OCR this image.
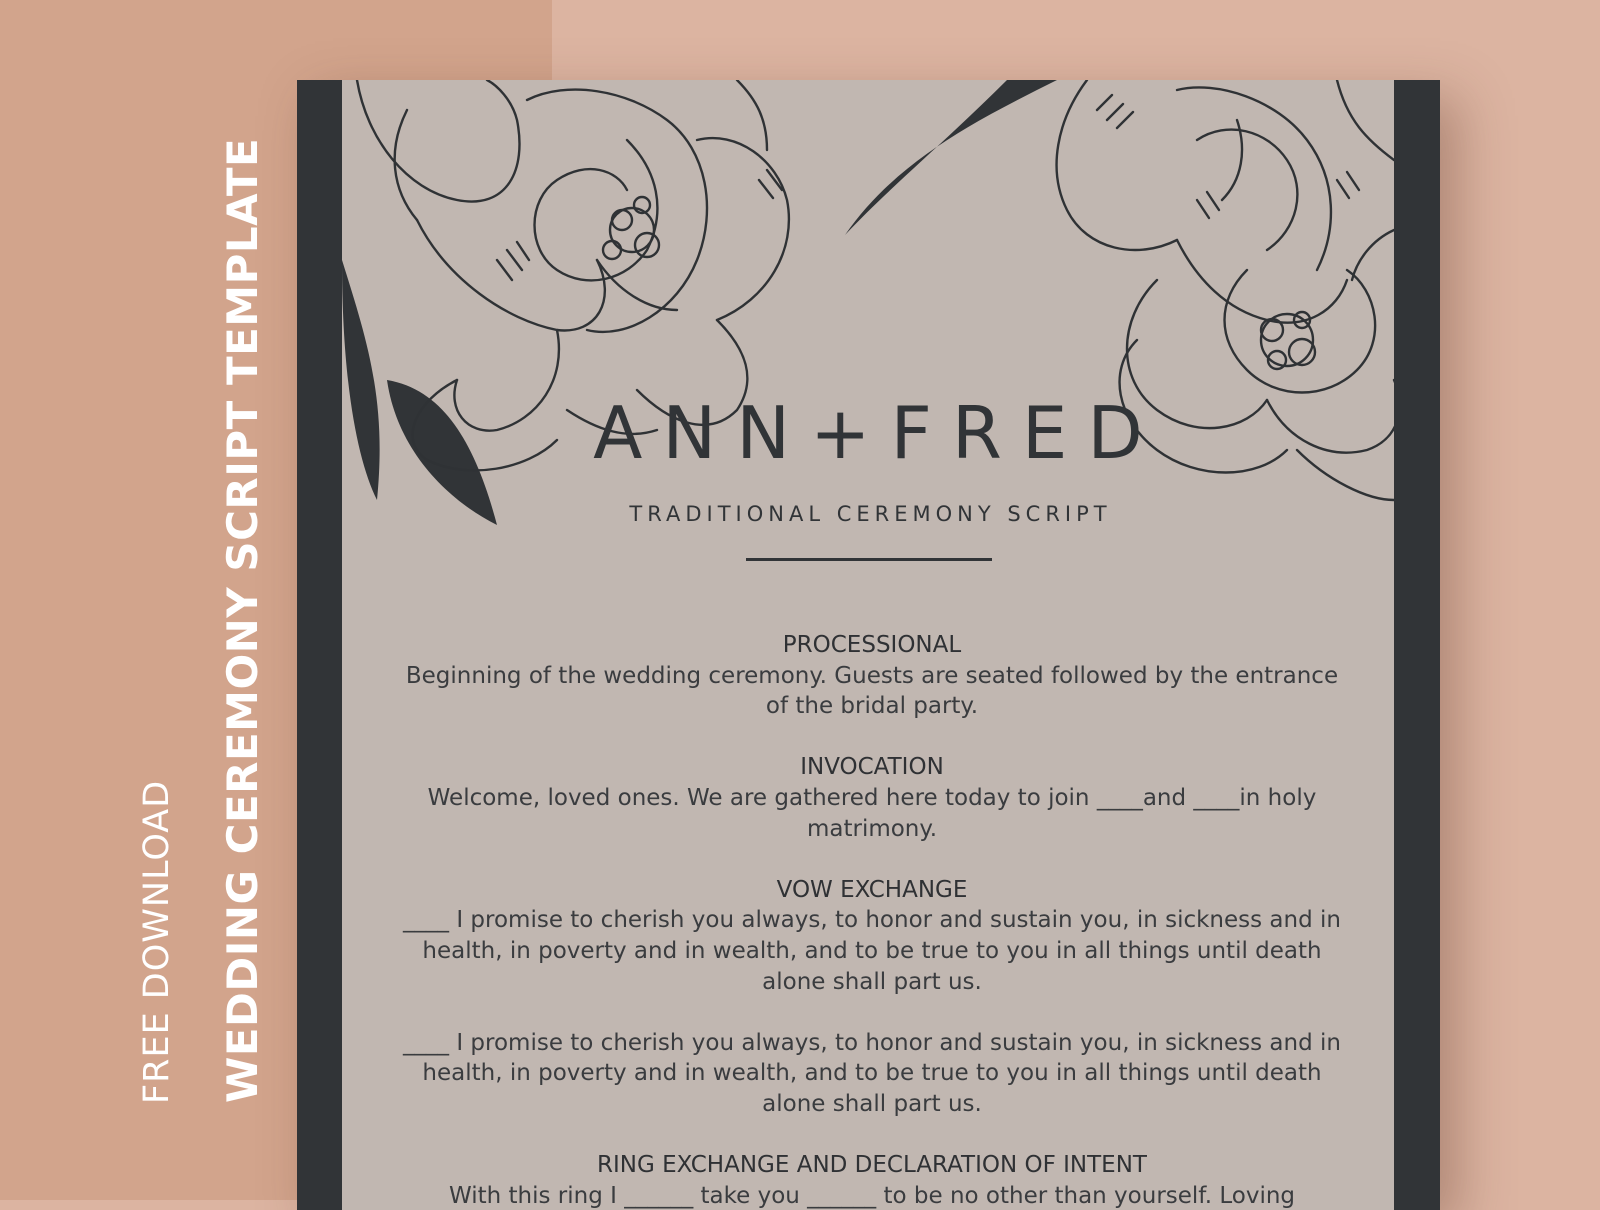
FREE DOWNLOAD WEDDING CEREMONY SCRIPT TEMPLATE	ANN+FRED
TRADITIONAL CEREMONY SCRIPT
PROCESSIONAL

Beginning of the wedding ceremony. Guests are seated followed by the entrance of the bridal party.

INVOCATION

Welcome, loved ones. We are gathered here today to join ____and ____in holy matrimony.

VOW EXCHANGE

____ I promise to cherish you always, to honor and sustain you, in sickness and in health, in poverty and in wealth, and to be true to you in all things until death alone shall part us.

____ I promise to cherish you always, to honor and sustain you, in sickness and in health, in poverty and in wealth, and to be true to you in all things until death alone shall part us.

RING EXCHANGE AND DECLARATION OF INTENT

With this ring I ______ take you ______ to be no other than yourself. Loving
